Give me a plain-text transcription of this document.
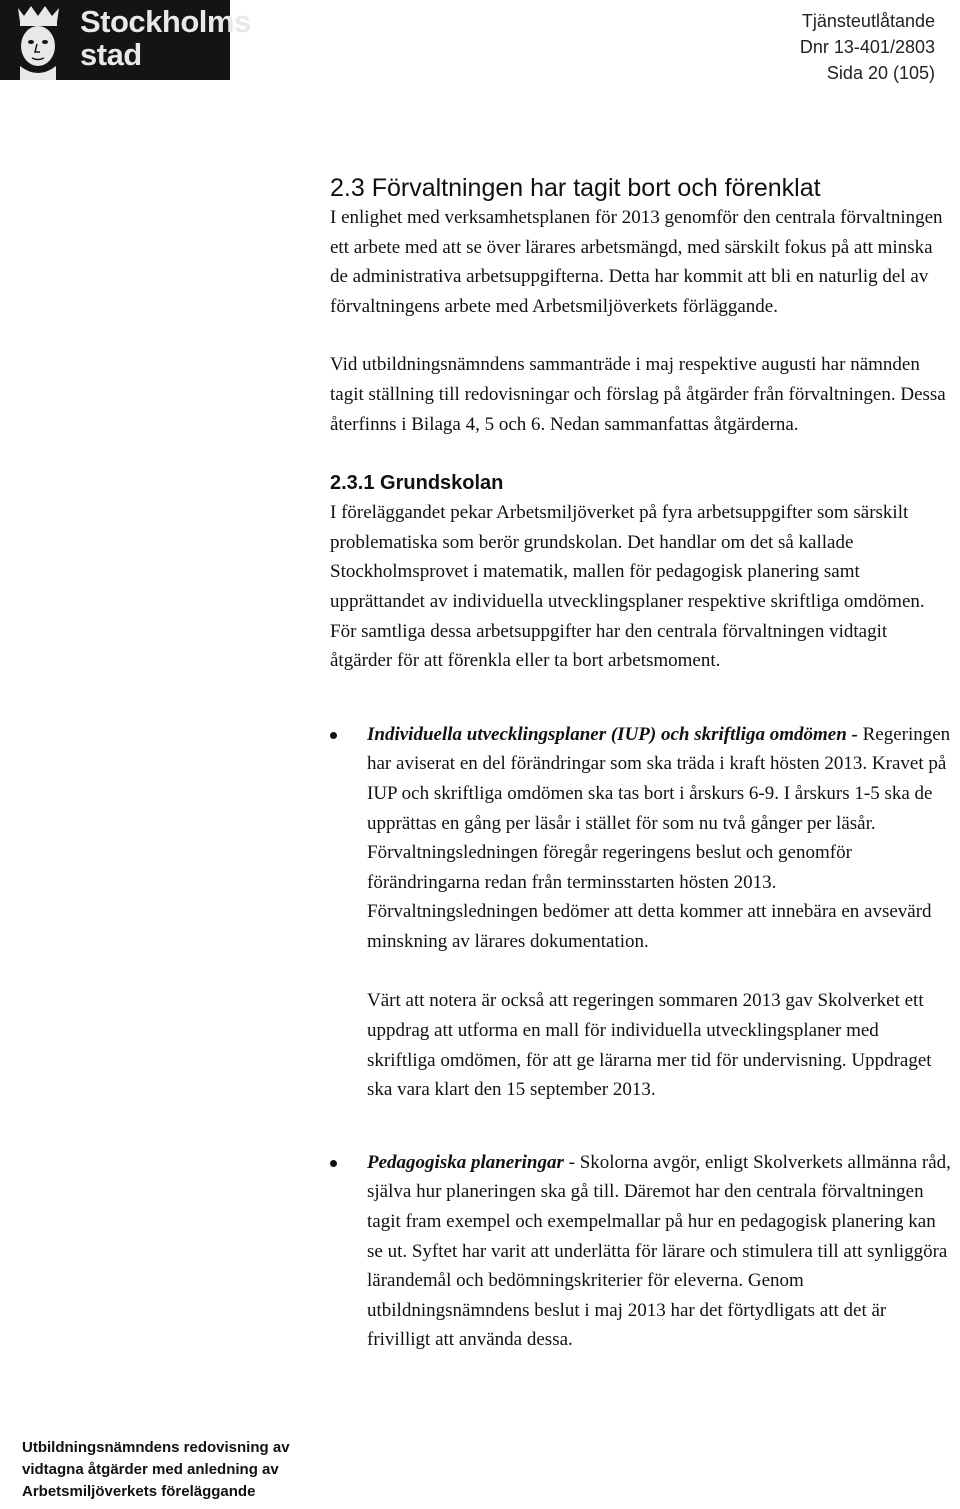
Stockholms
stad
Tjänsteutlåtande
Dnr 13-401/2803
Sida 20 (105)
2.3 Förvaltningen har tagit bort och förenklat

I enlighet med verksamhetsplanen för 2013 genomför den centrala förvaltningen ett arbete med att se över lärares arbetsmängd, med särskilt fokus på att minska de administrativa arbetsuppgifterna. Detta har kommit att bli en naturlig del av förvaltningens arbete med Arbetsmiljöverkets förläggande.

Vid utbildningsnämndens sammanträde i maj respektive augusti har nämnden tagit ställning till redovisningar och förslag på åtgärder från förvaltningen. Dessa återfinns i Bilaga 4, 5 och 6. Nedan sammanfattas åtgärderna.

2.3.1 Grundskolan

I föreläggandet pekar Arbetsmiljöverket på fyra arbetsuppgifter som särskilt problematiska som berör grundskolan. Det handlar om det så kallade Stockholmsprovet i matematik, mallen för pedagogisk planering samt upprättandet av individuella utvecklingsplaner respektive skriftliga omdömen. För samtliga dessa arbetsuppgifter har den centrala förvaltningen vidtagit åtgärder för att förenkla eller ta bort arbetsmoment.

Individuella utvecklingsplaner (IUP) och skriftliga omdömen - Regeringen har aviserat en del förändringar som ska träda i kraft hösten 2013. Kravet på IUP och skriftliga omdömen ska tas bort i årskurs 6-9. I årskurs 1-5 ska de upprättas en gång per läsår i stället för som nu två gånger per läsår. Förvaltningsledningen föregår regeringens beslut och genomför förändringarna redan från terminsstarten hösten 2013. Förvaltningsledningen bedömer att detta kommer att innebära en avsevärd minskning av lärares dokumentation.

Värt att notera är också att regeringen sommaren 2013 gav Skolverket ett uppdrag att utforma en mall för individuella utvecklingsplaner med skriftliga omdömen, för att ge lärarna mer tid för undervisning. Uppdraget ska vara klart den 15 september 2013.

Pedagogiska planeringar - Skolorna avgör, enligt Skolverkets allmänna råd, själva hur planeringen ska gå till. Däremot har den centrala förvaltningen tagit fram exempel och exempelmallar på hur en pedagogisk planering kan se ut. Syftet har varit att underlätta för lärare och stimulera till att synliggöra lärandemål och bedömningskriterier för eleverna. Genom utbildningsnämndens beslut i maj 2013 har det förtydligats att det är frivilligt att använda dessa.

Utbildningsnämndens redovisning av
vidtagna åtgärder med anledning av
Arbetsmiljöverkets föreläggande
